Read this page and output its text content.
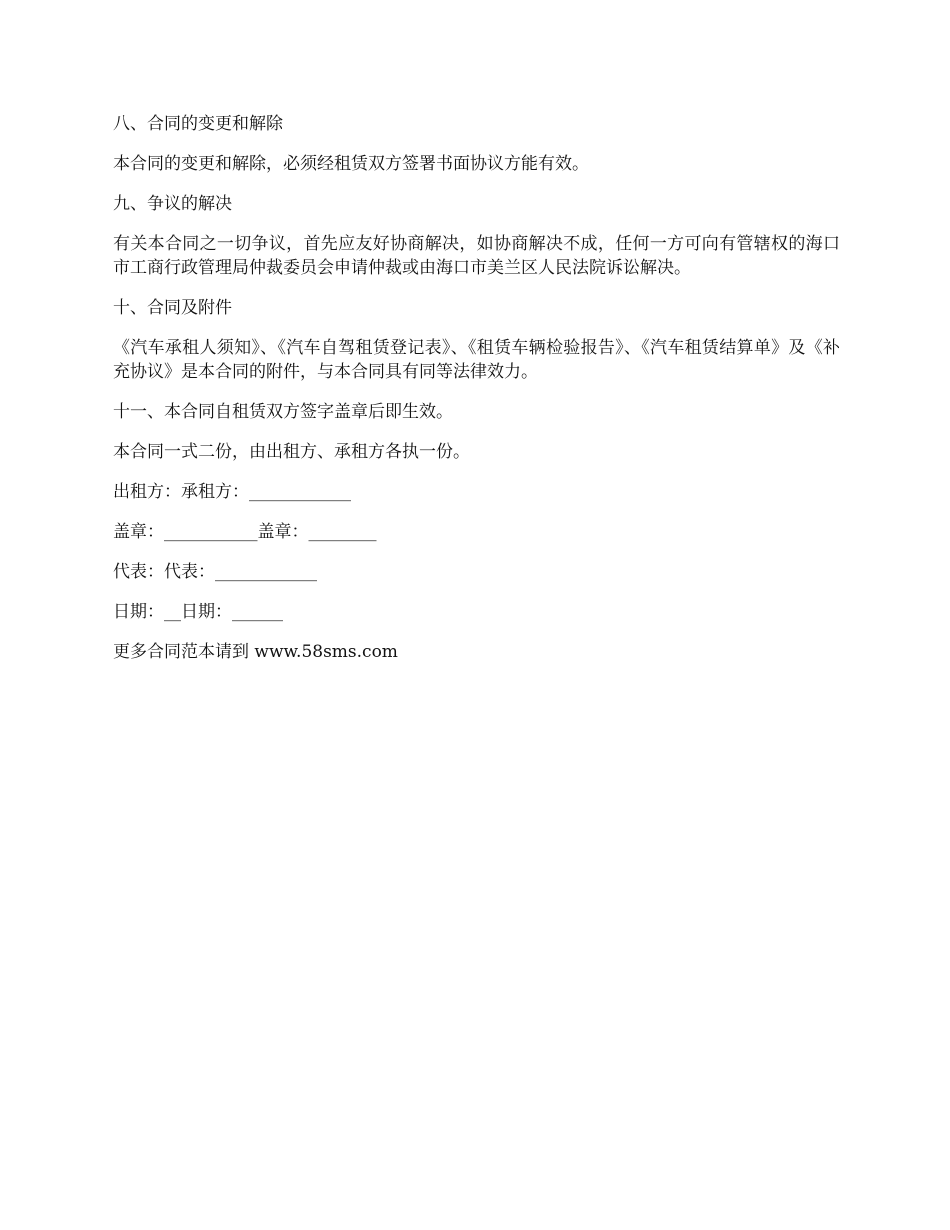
八、合同的变更和解除

本合同的变更和解除，必须经租赁双方签署书面协议方能有效。

九、争议的解决

有关本合同之一切争议，首先应友好协商解决，如协商解决不成，任何一方可向有管辖权的海口市工商行政管理局仲裁委员会申请仲裁或由海口市美兰区人民法院诉讼解决。

十、合同及附件

《汽车承租人须知》、《汽车自驾租赁登记表》、《租赁车辆检验报告》、《汽车租赁结算单》及《补充协议》是本合同的附件，与本合同具有同等法律效力。

十一、本合同自租赁双方签字盖章后即生效。

本合同一式二份，由出租方、承租方各执一份。

出租方：承租方：____________

盖章：___________盖章：________

代表：代表：____________

日期：__日期：______

更多合同范本请到 www.58sms.com
